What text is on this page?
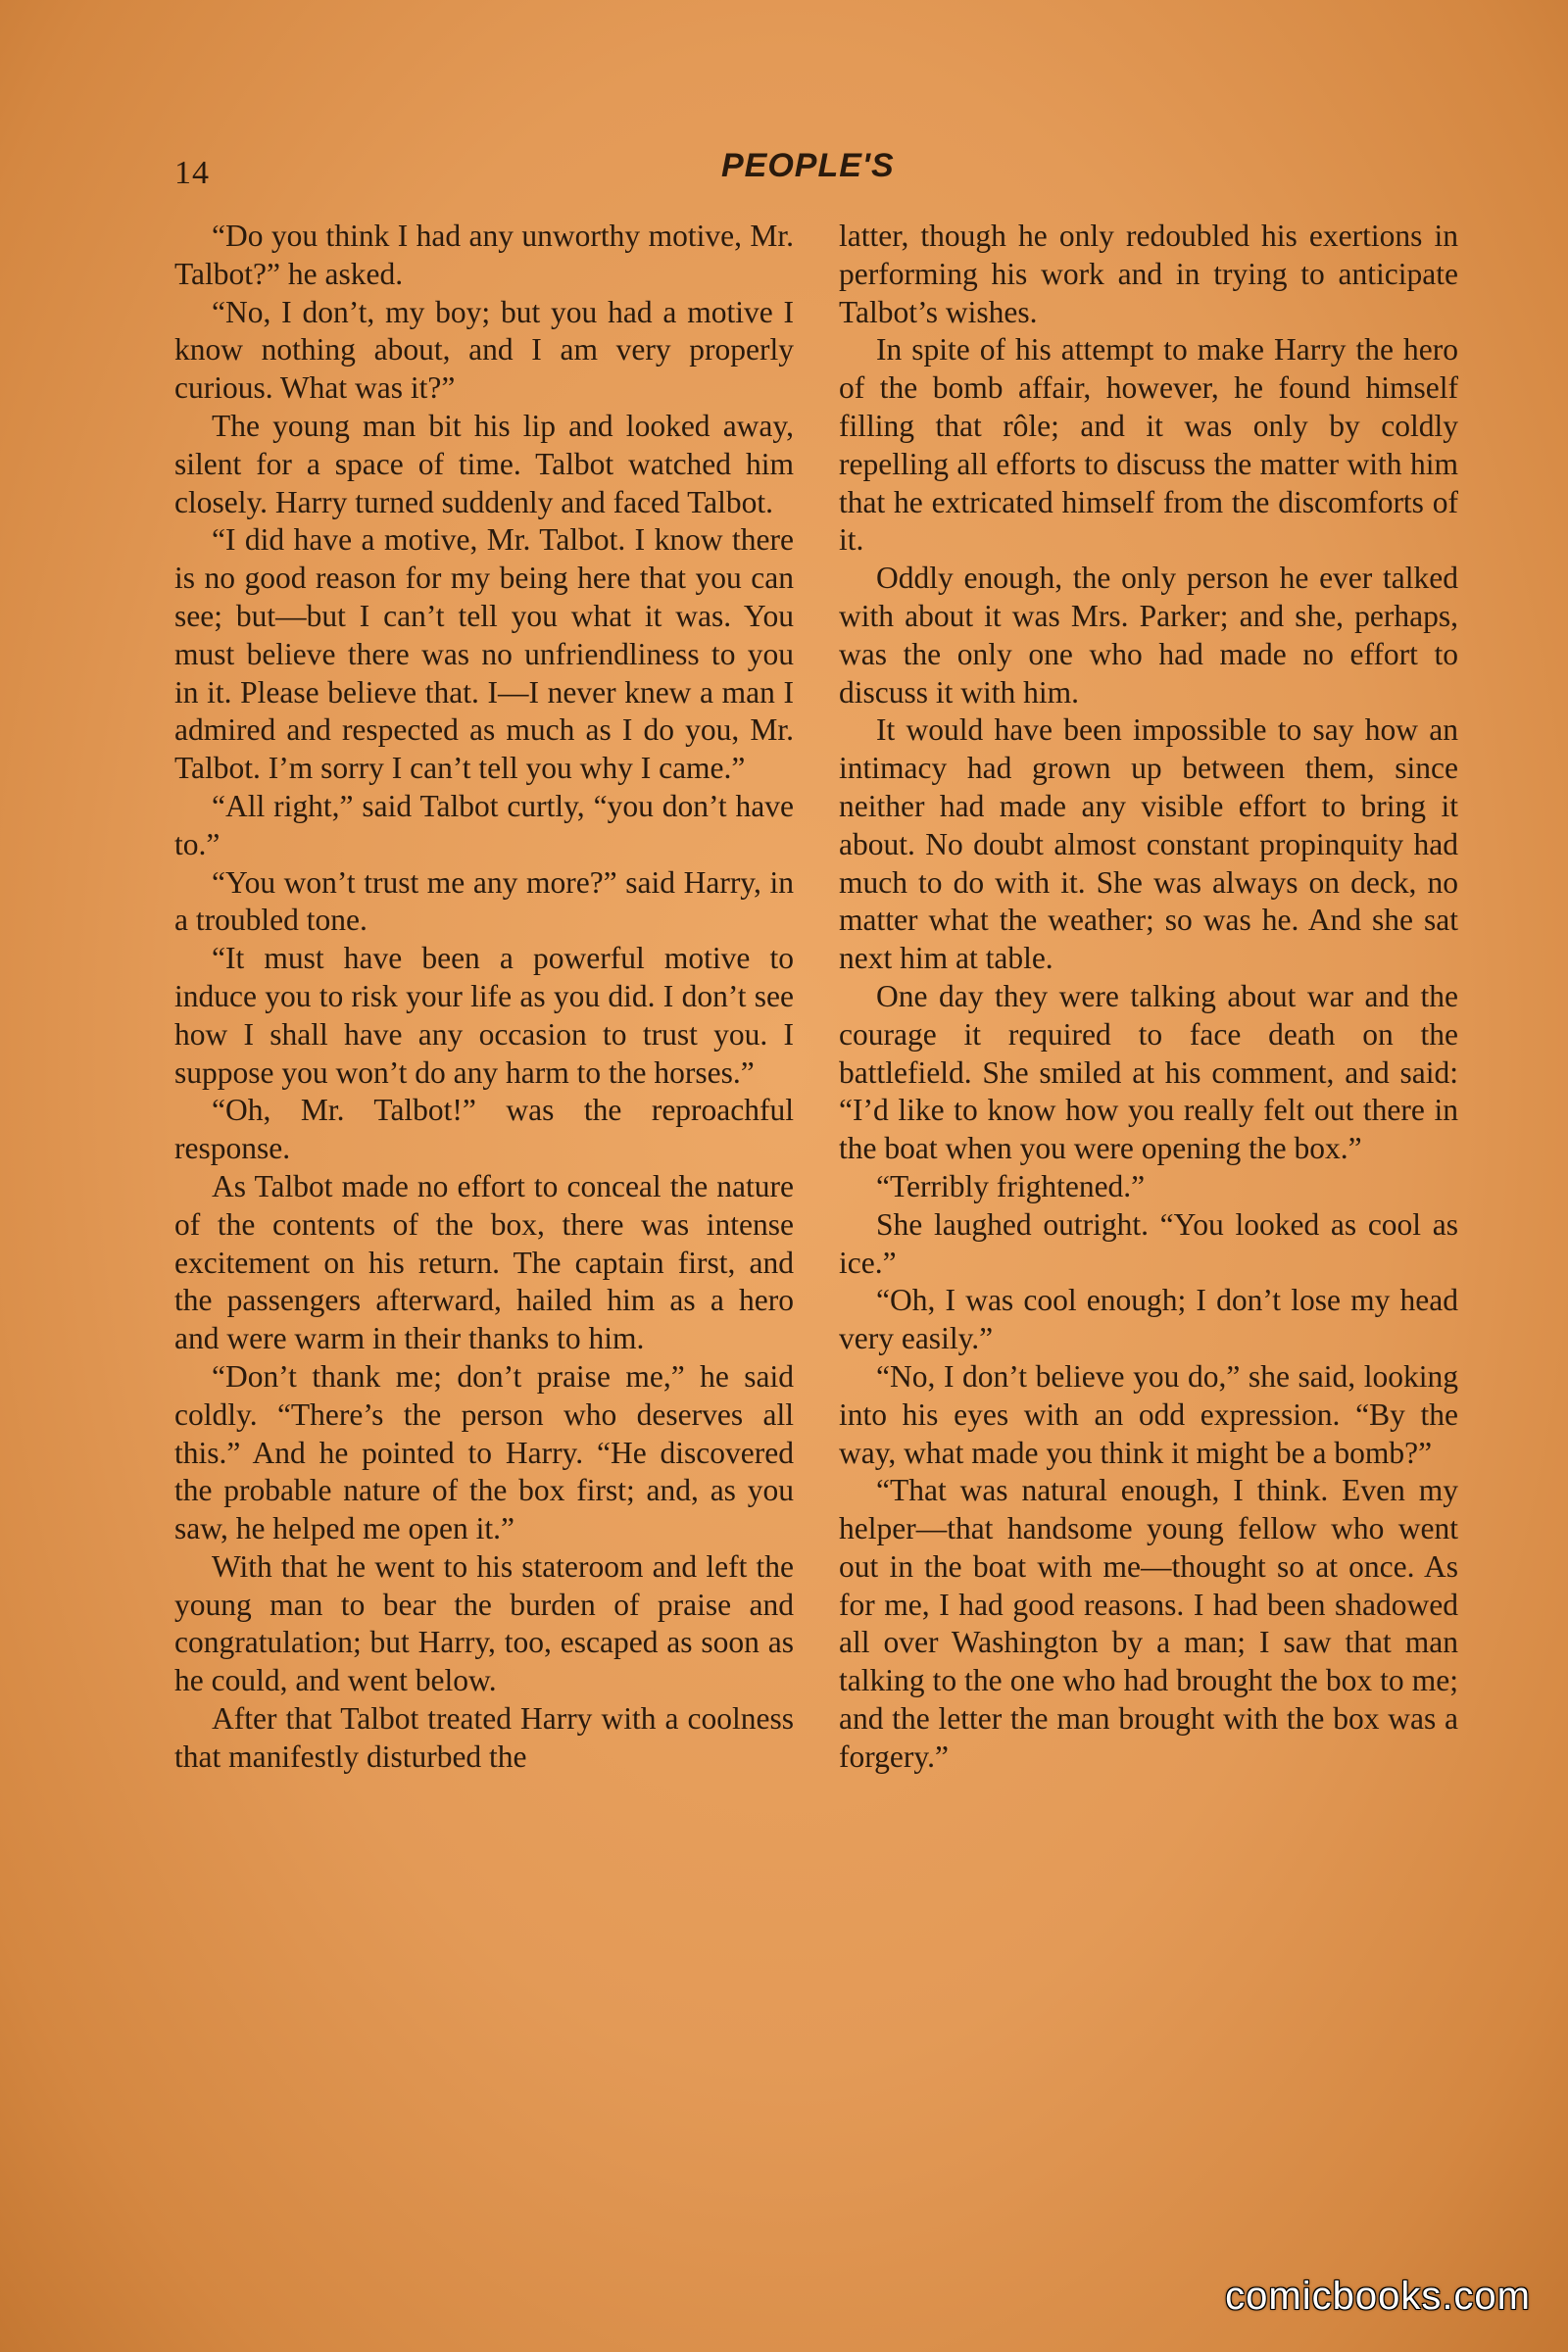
14	PEOPLE'S

“Do you think I had any unworthy motive, Mr. Talbot?” he asked.

“No, I don’t, my boy; but you had a motive I know nothing about, and I am very properly curious. What was it?”

The young man bit his lip and looked away, silent for a space of time. Talbot watched him closely. Harry turned suddenly and faced Talbot.

“I did have a motive, Mr. Talbot. I know there is no good reason for my being here that you can see; but—but I can’t tell you what it was. You must believe there was no unfriendliness to you in it. Please believe that. I—I never knew a man I admired and respected as much as I do you, Mr. Talbot. I’m sorry I can’t tell you why I came.”

“All right,” said Talbot curtly, “you don’t have to.”

“You won’t trust me any more?” said Harry, in a troubled tone.

“It must have been a powerful motive to induce you to risk your life as you did. I don’t see how I shall have any occasion to trust you. I suppose you won’t do any harm to the horses.”

“Oh, Mr. Talbot!” was the reproachful response.

As Talbot made no effort to conceal the nature of the contents of the box, there was intense excitement on his return. The captain first, and the passengers afterward, hailed him as a hero and were warm in their thanks to him.

“Don’t thank me; don’t praise me,” he said coldly. “There’s the person who deserves all this.” And he pointed to Harry. “He discovered the probable nature of the box first; and, as you saw, he helped me open it.”

With that he went to his stateroom and left the young man to bear the burden of praise and congratulation; but Harry, too, escaped as soon as he could, and went below.

After that Talbot treated Harry with a coolness that manifestly disturbed the

latter, though he only redoubled his exertions in performing his work and in trying to anticipate Talbot’s wishes.

In spite of his attempt to make Harry the hero of the bomb affair, however, he found himself filling that rôle; and it was only by coldly repelling all efforts to discuss the matter with him that he extricated himself from the discomforts of it.

Oddly enough, the only person he ever talked with about it was Mrs. Parker; and she, perhaps, was the only one who had made no effort to discuss it with him.

It would have been impossible to say how an intimacy had grown up between them, since neither had made any visible effort to bring it about. No doubt almost constant propinquity had much to do with it. She was always on deck, no matter what the weather; so was he. And she sat next him at table.

One day they were talking about war and the courage it required to face death on the battlefield. She smiled at his comment, and said: “I’d like to know how you really felt out there in the boat when you were opening the box.”

“Terribly frightened.”

She laughed outright. “You looked as cool as ice.”

“Oh, I was cool enough; I don’t lose my head very easily.”

“No, I don’t believe you do,” she said, looking into his eyes with an odd expression. “By the way, what made you think it might be a bomb?”

“That was natural enough, I think. Even my helper—that handsome young fellow who went out in the boat with me—thought so at once. As for me, I had good reasons. I had been shadowed all over Washington by a man; I saw that man talking to the one who had brought the box to me; and the letter the man brought with the box was a forgery.”

comicbooks.com
